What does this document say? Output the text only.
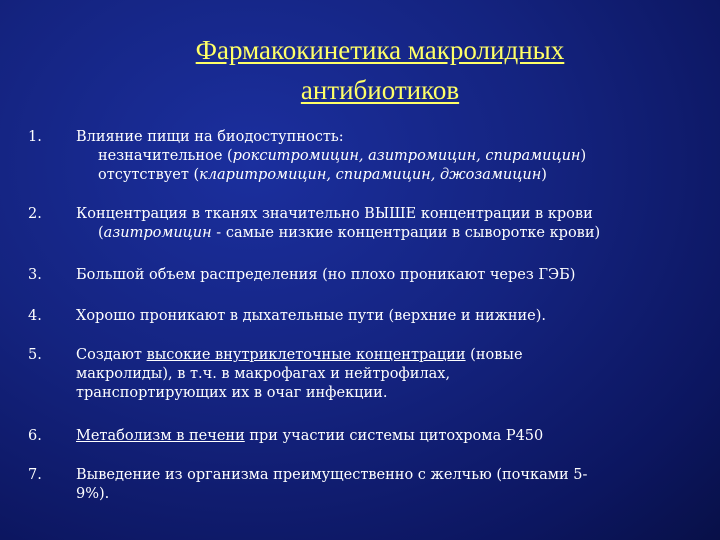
Фармакокинетика макролидных
антибиотиков
1. Влияние пищи на биодоступность:
незначительное (рокситромицин, азитромицин, спирамицин)
отсутствует (кларитромицин, спирамицин, джозамицин)
2. Концентрация в тканях значительно ВЫШЕ концентрации в крови
(азитромицин - самые низкие концентрации в сыворотке крови)
3. Большой объем распределения (но плохо проникают через ГЭБ)
4. Хорошо проникают в дыхательные пути (верхние и нижние).
5. Создают высокие внутриклеточные концентрации (новые
макролиды), в т.ч. в макрофагах и нейтрофилах,
транспортирующих их в очаг инфекции.
6. Метаболизм в печени при участии системы цитохрома Р450
7. Выведение из организма преимущественно с желчью (почками 5-
9%).
